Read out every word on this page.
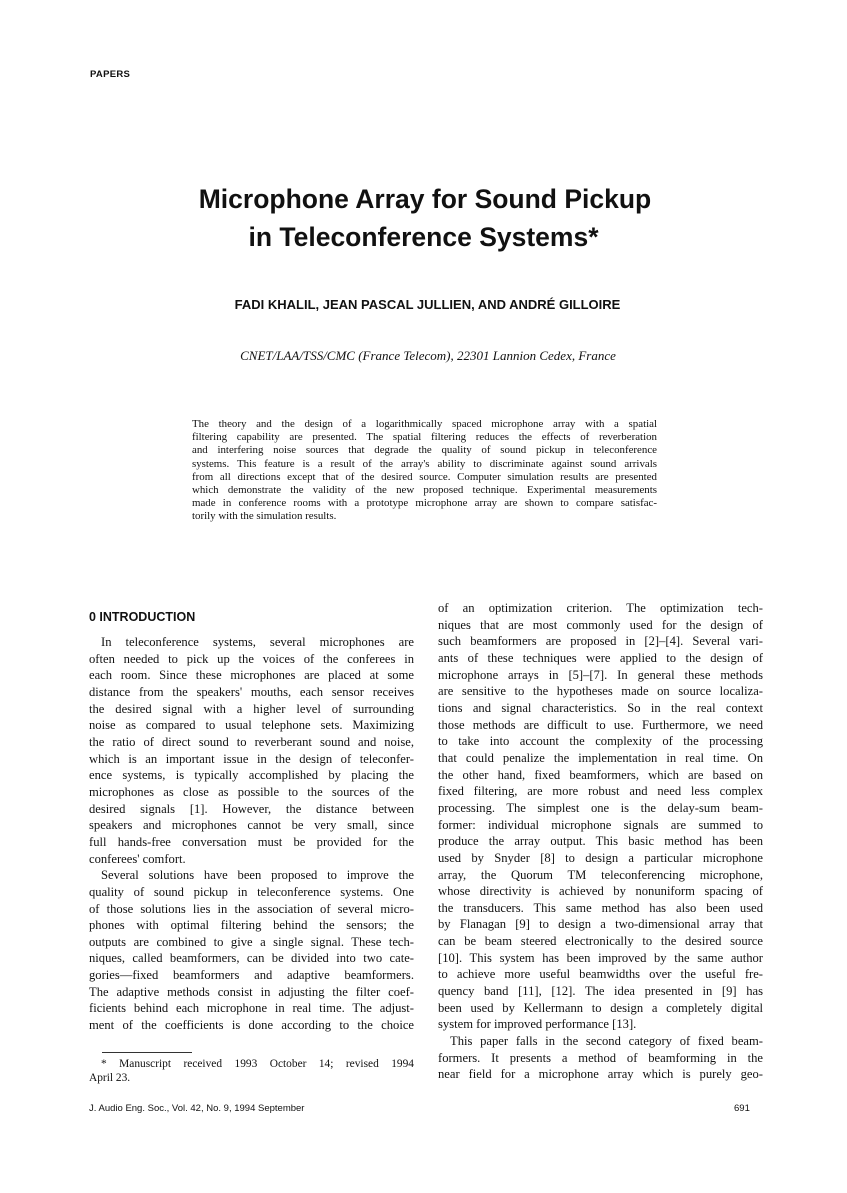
PAPERS
Microphone Array for Sound Pickup
in Teleconference Systems*
FADI KHALIL, JEAN PASCAL JULLIEN, AND ANDRÉ GILLOIRE
CNET/LAA/TSS/CMC (France Telecom), 22301 Lannion Cedex, France
The theory and the design of a logarithmically spaced microphone array with a spatial
filtering capability are presented. The spatial filtering reduces the effects of reverberation
and interfering noise sources that degrade the quality of sound pickup in teleconference
systems. This feature is a result of the array's ability to discriminate against sound arrivals
from all directions except that of the desired source. Computer simulation results are presented
which demonstrate the validity of the new proposed technique. Experimental measurements
made in conference rooms with a prototype microphone array are shown to compare satisfac-
torily with the simulation results.
0 INTRODUCTION
In teleconference systems, several microphones are
often needed to pick up the voices of the conferees in
each room. Since these microphones are placed at some
distance from the speakers' mouths, each sensor receives
the desired signal with a higher level of surrounding
noise as compared to usual telephone sets. Maximizing
the ratio of direct sound to reverberant sound and noise,
which is an important issue in the design of teleconfer-
ence systems, is typically accomplished by placing the
microphones as close as possible to the sources of the
desired signals [1]. However, the distance between
speakers and microphones cannot be very small, since
full hands-free conversation must be provided for the
conferees' comfort.
Several solutions have been proposed to improve the
quality of sound pickup in teleconference systems. One
of those solutions lies in the association of several micro-
phones with optimal filtering behind the sensors; the
outputs are combined to give a single signal. These tech-
niques, called beamformers, can be divided into two cate-
gories—fixed beamformers and adaptive beamformers.
The adaptive methods consist in adjusting the filter coef-
ficients behind each microphone in real time. The adjust-
ment of the coefficients is done according to the choice
of an optimization criterion. The optimization tech-
niques that are most commonly used for the design of
such beamformers are proposed in [2]–[4]. Several vari-
ants of these techniques were applied to the design of
microphone arrays in [5]–[7]. In general these methods
are sensitive to the hypotheses made on source localiza-
tions and signal characteristics. So in the real context
those methods are difficult to use. Furthermore, we need
to take into account the complexity of the processing
that could penalize the implementation in real time. On
the other hand, fixed beamformers, which are based on
fixed filtering, are more robust and need less complex
processing. The simplest one is the delay-sum beam-
former: individual microphone signals are summed to
produce the array output. This basic method has been
used by Snyder [8] to design a particular microphone
array, the Quorum TM teleconferencing microphone,
whose directivity is achieved by nonuniform spacing of
the transducers. This same method has also been used
by Flanagan [9] to design a two-dimensional array that
can be beam steered electronically to the desired source
[10]. This system has been improved by the same author
to achieve more useful beamwidths over the useful fre-
quency band [11], [12]. The idea presented in [9] has
been used by Kellermann to design a completely digital
system for improved performance [13].
This paper falls in the second category of fixed beam-
formers. It presents a method of beamforming in the
near field for a microphone array which is purely geo-
* Manuscript received 1993 October 14; revised 1994
April 23.
J. Audio Eng. Soc., Vol. 42, No. 9, 1994 September	691
